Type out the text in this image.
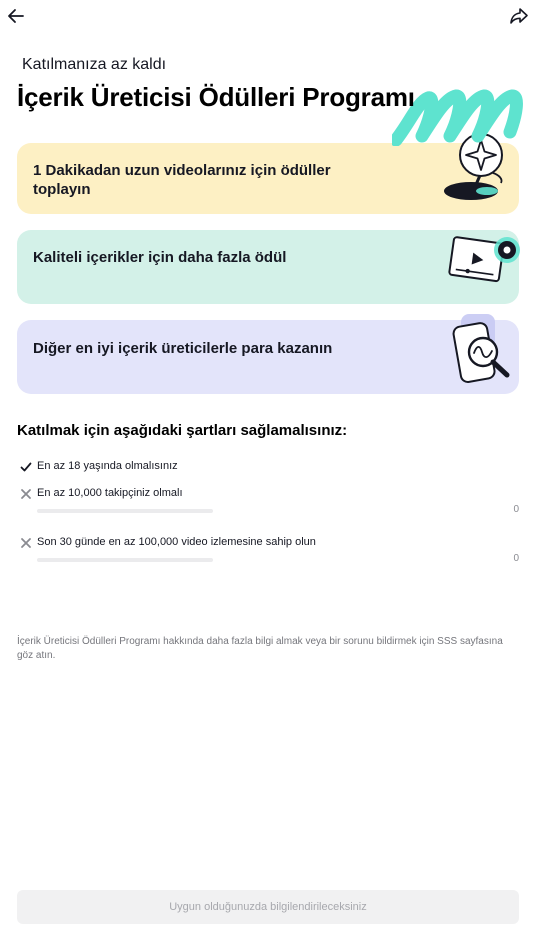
Katılmanıza az kaldı
İçerik Üreticisi Ödülleri Programı
1 Dakikadan uzun videolarınız için ödüller toplayın
Kaliteli içerikler için daha fazla ödül
Diğer en iyi içerik üreticilerle para kazanın
Katılmak için aşağıdaki şartları sağlamalısınız:
En az 18 yaşında olmalısınız
En az 10,000 takipçiniz olmalı
0
Son 30 günde en az 100,000 video izlemesine sahip olun
0
İçerik Üreticisi Ödülleri Programı hakkında daha fazla bilgi almak veya bir sorunu bildirmek için SSS sayfasına göz atın.
Uygun olduğunuzda bilgilendirileceksiniz
